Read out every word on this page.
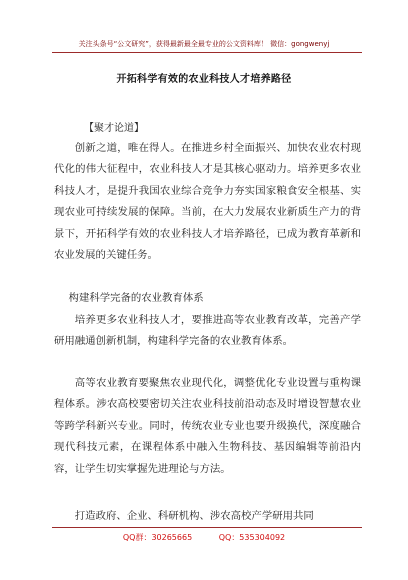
关注头条号“公文研究”，获得最新最全最专业的公文资料库！ 微信：gongwenyj
开拓科学有效的农业科技人才培养路径
【聚才论道】
创新之道，唯在得人。在推进乡村全面振兴、加快农业农村现代化的伟大征程中，农业科技人才是其核心驱动力。培养更多农业科技人才，是提升我国农业综合竞争力夯实国家粮食安全根基、实现农业可持续发展的保障。当前，在大力发展农业新质生产力的背景下，开拓科学有效的农业科技人才培养路径，已成为教育革新和农业发展的关键任务。
构建科学完备的农业教育体系
培养更多农业科技人才，要推进高等农业教育改革，完善产学研用融通创新机制，构建科学完备的农业教育体系。
高等农业教育要聚焦农业现代化，调整优化专业设置与重构课程体系。涉农高校要密切关注农业科技前沿动态及时增设智慧农业等跨学科新兴专业。同时，传统农业专业也要升级换代，深度融合现代科技元素，在课程体系中融入生物科技、基因编辑等前沿内容，让学生切实掌握先进理论与方法。
打造政府、企业、科研机构、涉农高校产学研用共同
QQ群：30265665	QQ：535304092
